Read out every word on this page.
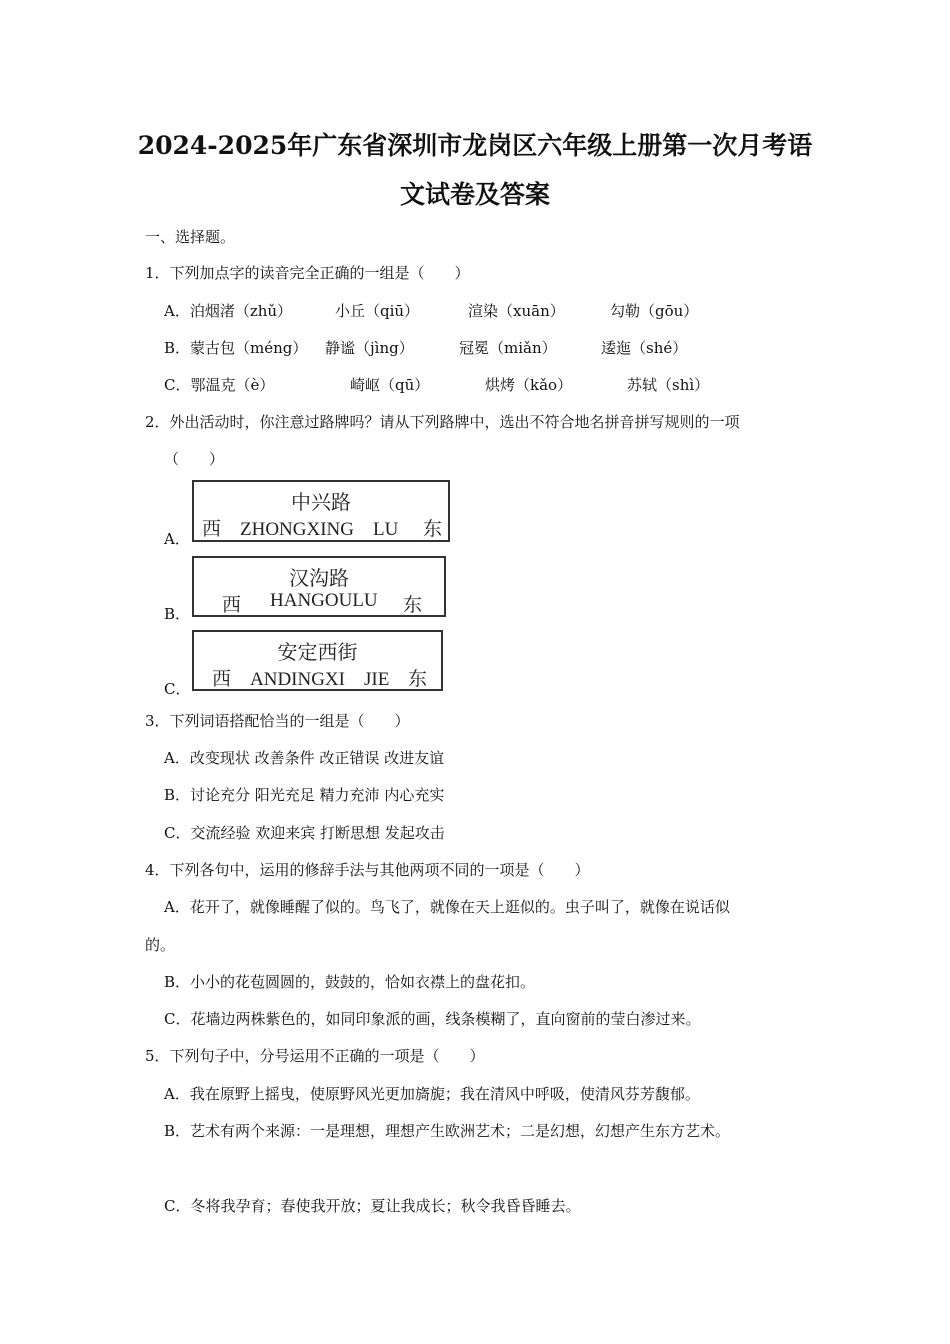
2024-2025年广东省深圳市龙岗区六年级上册第一次月考语
文试卷及答案
一、选择题。
1．下列加点字的读音完全正确的一组是（　　）
A．泊烟渚（zhǔ）	小丘（qiū）	渲染（xuān）	勾勒（gōu）
B．蒙古包（méng） 静谧（jìng）	冠冕（miǎn）	逶迤（shé）
C．鄂温克（è）	崎岖（qū）	烘烤（kǎo）	苏轼（shì）
2．外出活动时，你注意过路牌吗？请从下列路牌中，选出不符合地名拼音拼写规则的一项
（　　）
A．
中兴路
西 ZHONGXING　LU 东
B．
汉沟路
西 HANGOULU 东
C．
安定西街
西 ANDINGXI　JIE 东
3．下列词语搭配恰当的一组是（　　）
A．改变现状 改善条件 改正错误 改进友谊
B．讨论充分 阳光充足 精力充沛 内心充实
C．交流经验 欢迎来宾 打断思想 发起攻击
4．下列各句中，运用的修辞手法与其他两项不同的一项是（　　）
A．花开了，就像睡醒了似的。鸟飞了，就像在天上逛似的。虫子叫了，就像在说话似
的。
B．小小的花苞圆圆的，鼓鼓的，恰如衣襟上的盘花扣。
C．花墙边两株紫色的，如同印象派的画，线条模糊了，直向窗前的莹白渗过来。
5．下列句子中，分号运用不正确的一项是（　　）
A．我在原野上摇曳，使原野风光更加旖旎；我在清风中呼吸，使清风芬芳馥郁。
B．艺术有两个来源：一是理想，理想产生欧洲艺术；二是幻想，幻想产生东方艺术。
C．冬将我孕育；春使我开放；夏让我成长；秋令我昏昏睡去。
